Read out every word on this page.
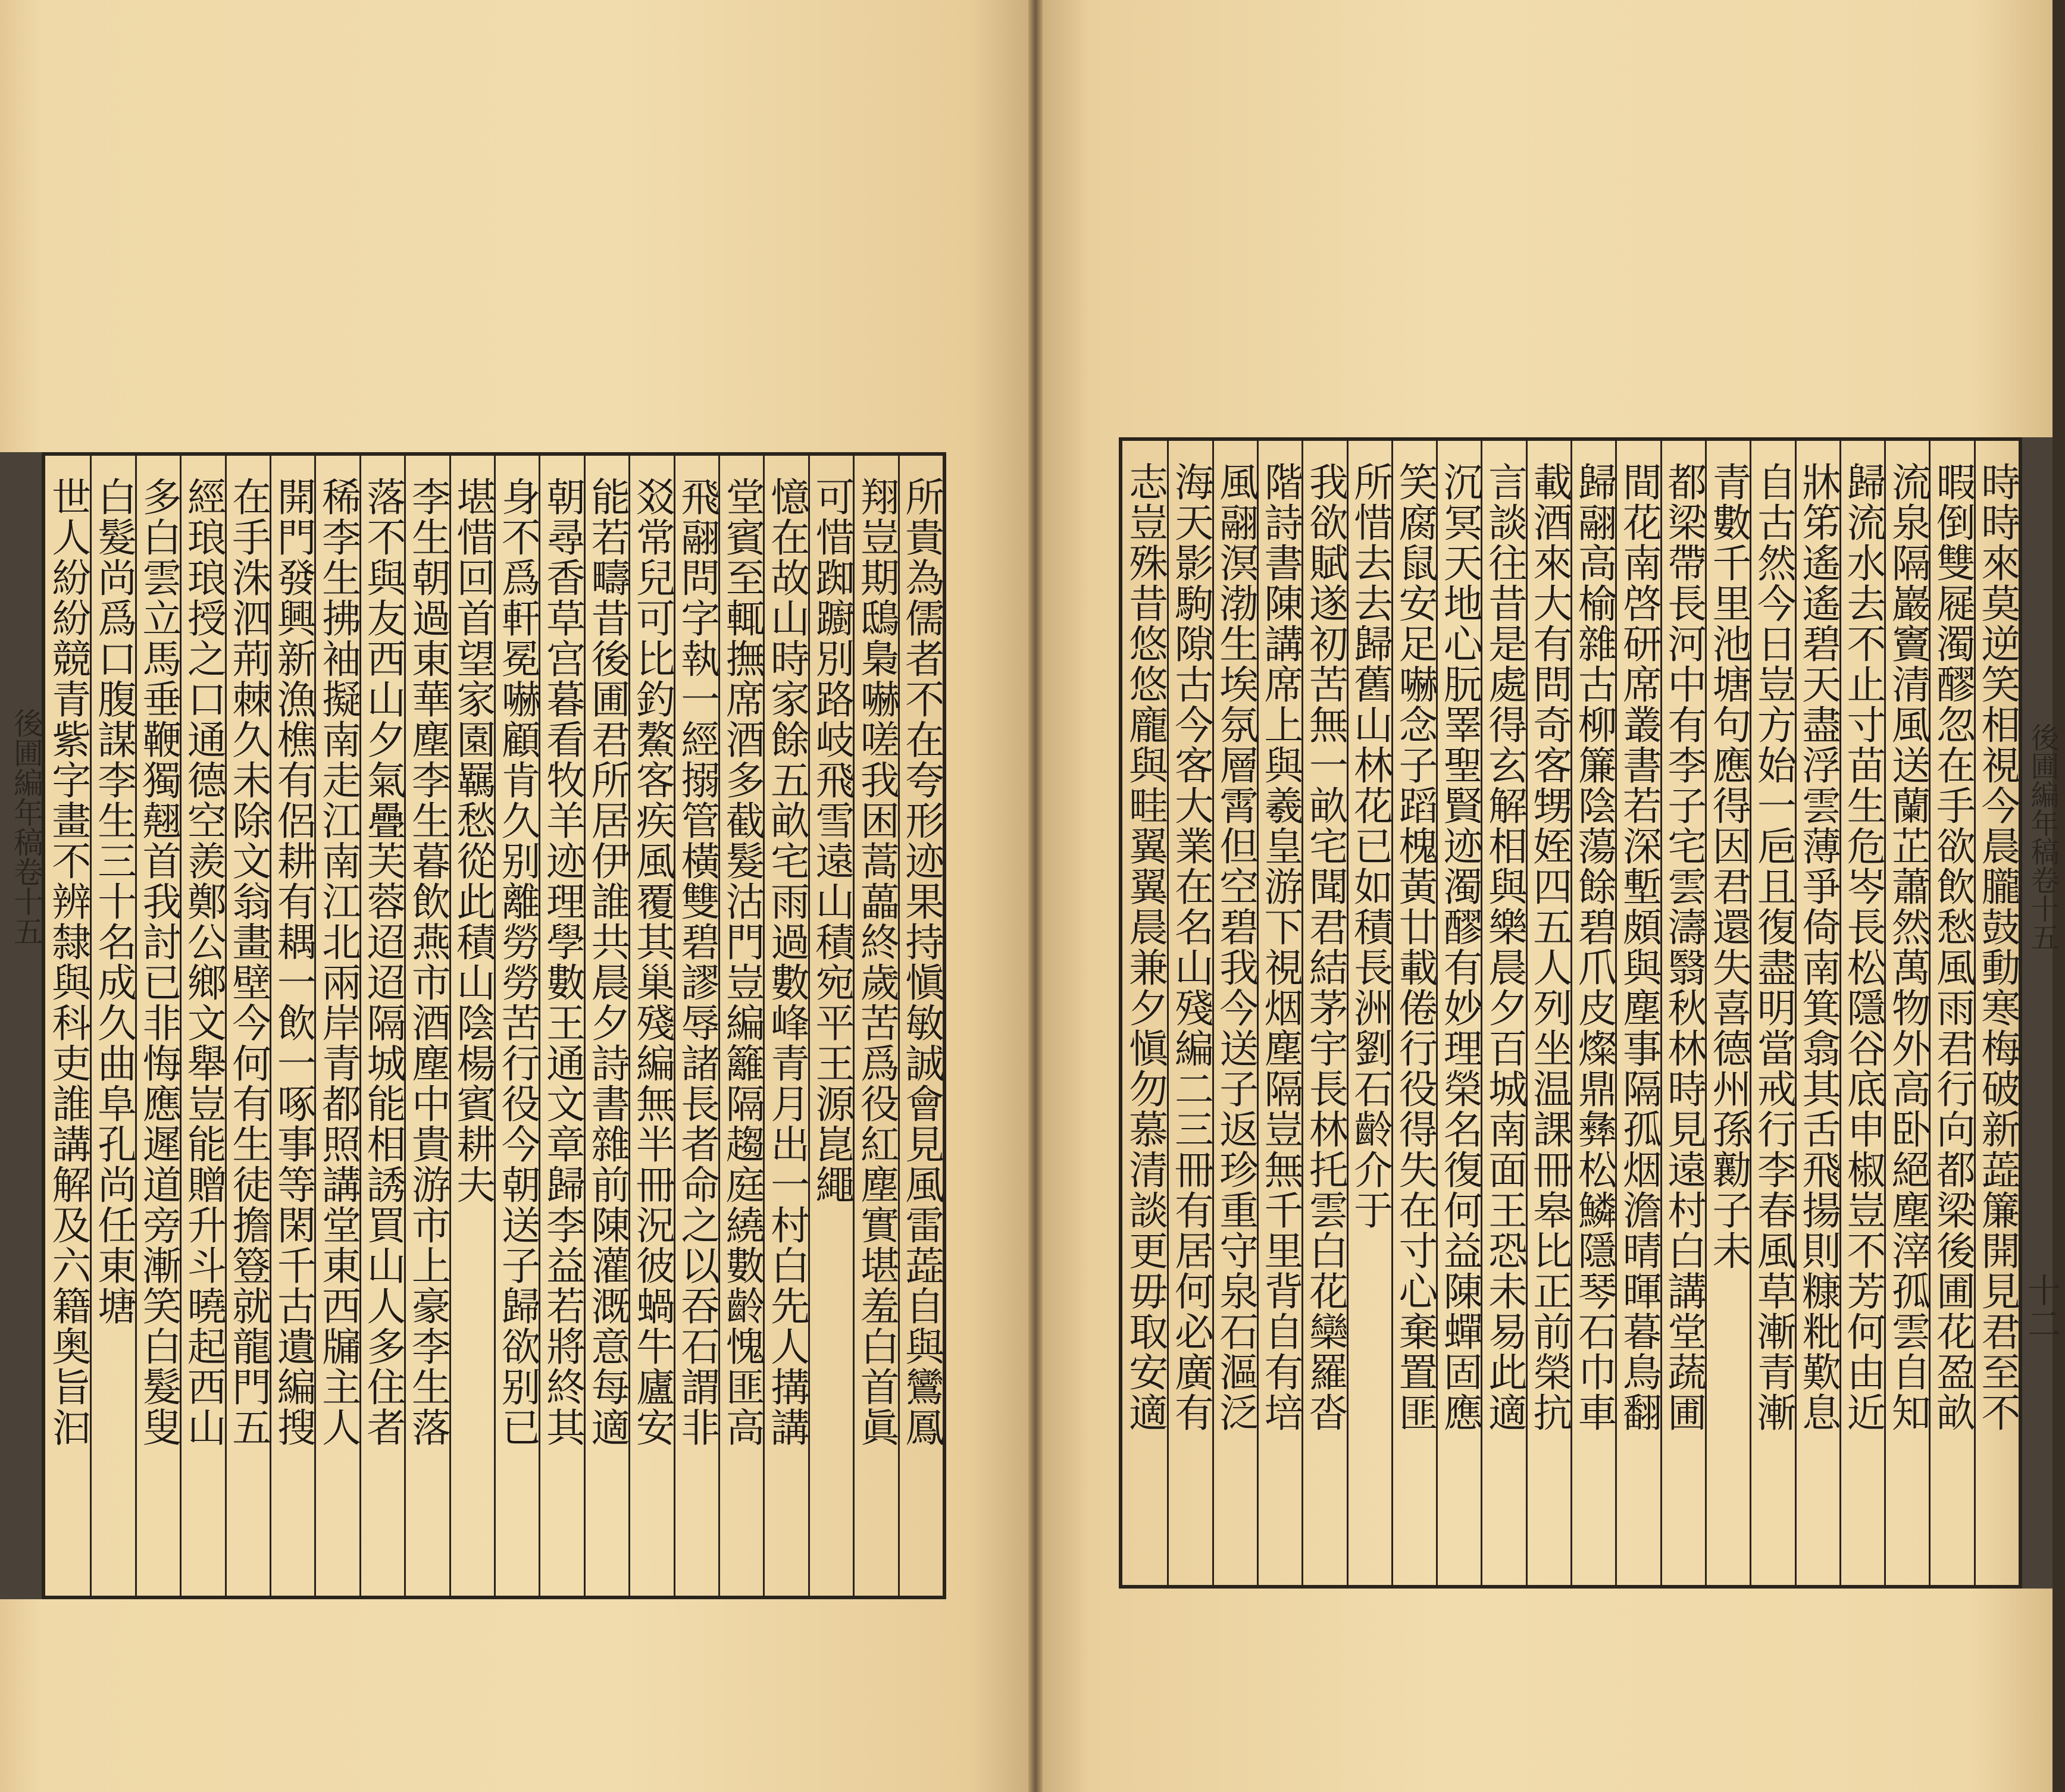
後圃編年稿卷十五	所貴為儒者不在夸形迹果持愼敏誠會見風雷蕋自與鸞鳳
翔豈期鴟梟嚇嗟我困蒿藟終歲苦爲役紅塵實堪羞白首眞
可惜踟躕別路岐飛雪遠山積宛平王源崑繩
憶在故山時家餘五畝宅雨過數峰青月出一村白先人搆講
堂賓至輒撫席酒多截髮沽門豈編籬隔趨庭繞數齡愧匪高
飛翮問字執一經搦管橫雙碧謬辱諸長者命之以吞石謂非
㸚常兒可比釣鰲客疾風覆其巢殘編無半冊況彼蝸牛廬安
能若疇昔後圃君所居伊誰共晨夕詩書雜前陳灌溉意每適
朝尋香草宫暮看牧羊迹理學數王通文章歸李益若將終其
身不爲軒冕嚇顧肯久别離勞勞苦行役今朝送子歸欲别已
堪惜回首望家園羈愁從此積山陰楊賓耕夫
李生朝過東華塵李生暮飲燕市酒塵中貴游市上豪李生落
落不與友西山夕氣疊芙蓉迢迢隔城能相誘買山人多住者
稀李生拂袖擬南走江南江北兩岸青都照講堂東西牖主人
開門發興新漁樵有侶耕有耦一飲一啄事等閑千古遺編搜
在手洙泗荊棘久未除文翁畫壁今何有生徒擔簦就龍門五
經琅琅授之口通德空羨鄭公鄉文舉豈能贈升斗曉起西山
多白雲立馬垂鞭獨翹首我討已非悔應遲道旁漸笑白髮叟
白髮尚爲口腹謀李生三十名成久曲阜孔尚任東塘
世人紛紛競青紫字畫不辨隸與科吏誰講解及六籍奥旨汩	時時來莫逆笑相視今晨朧鼓動寒梅破新蕋簾開見君至不
暇倒雙屣濁醪忽在手欲飲愁風雨君行向都梁後圃花盈畝
流泉隔巖竇清風送蘭芷蕭然萬物外高卧絕塵滓孤雲自知
歸流水去不止寸苗生危岑長松隱谷底申椒豈不芳何由近
牀笫遙遙碧天盡浮雲薄爭倚南箕翕其舌飛揚則糠粃歎息
自古然今日豈方始一巵且復盡明當戒行李春風草漸青漸
青數千里池塘句應得因君還失喜德州孫勷子未
都梁帶長河中有李子宅雲濤翳秋林時見遠村白講堂蔬圃
間花南啓研席叢書若深塹頗與塵事隔孤烟澹晴暉暮鳥翻
歸翮高榆雜古柳簾陰蕩餘碧爪皮燦鼎彝松鱗隱琴石巾車
載酒來大有問奇客甥姪四五人列坐温課冊皋比正前榮抗
言談往昔是處得玄解相與樂晨夕百城南面王恐未易此適
沉冥天地心朊睪聖賢迹濁醪有妙理榮名復何益陳蟬固應
笑腐鼠安足嚇念子蹈槐黃廿載倦行役得失在寸心棄置匪
所惜去去歸舊山林花已如積長洲劉石齡介于
我欲賦遂初苦無一畝宅聞君結茅宇長林托雲白花欒羅沓
階詩書陳講席上與羲皇游下視烟塵隔豈無千里背自有培
風翮溟渤生埃氛層霄但空碧我今送子返珍重守泉石漚泛
海天影駒隙古今客大業在名山殘編二三冊有居何必廣有
志豈殊昔悠悠龐與畦翼翼晨兼夕愼勿慕清談更毋取安適	後圃編年稿卷十五
十二
